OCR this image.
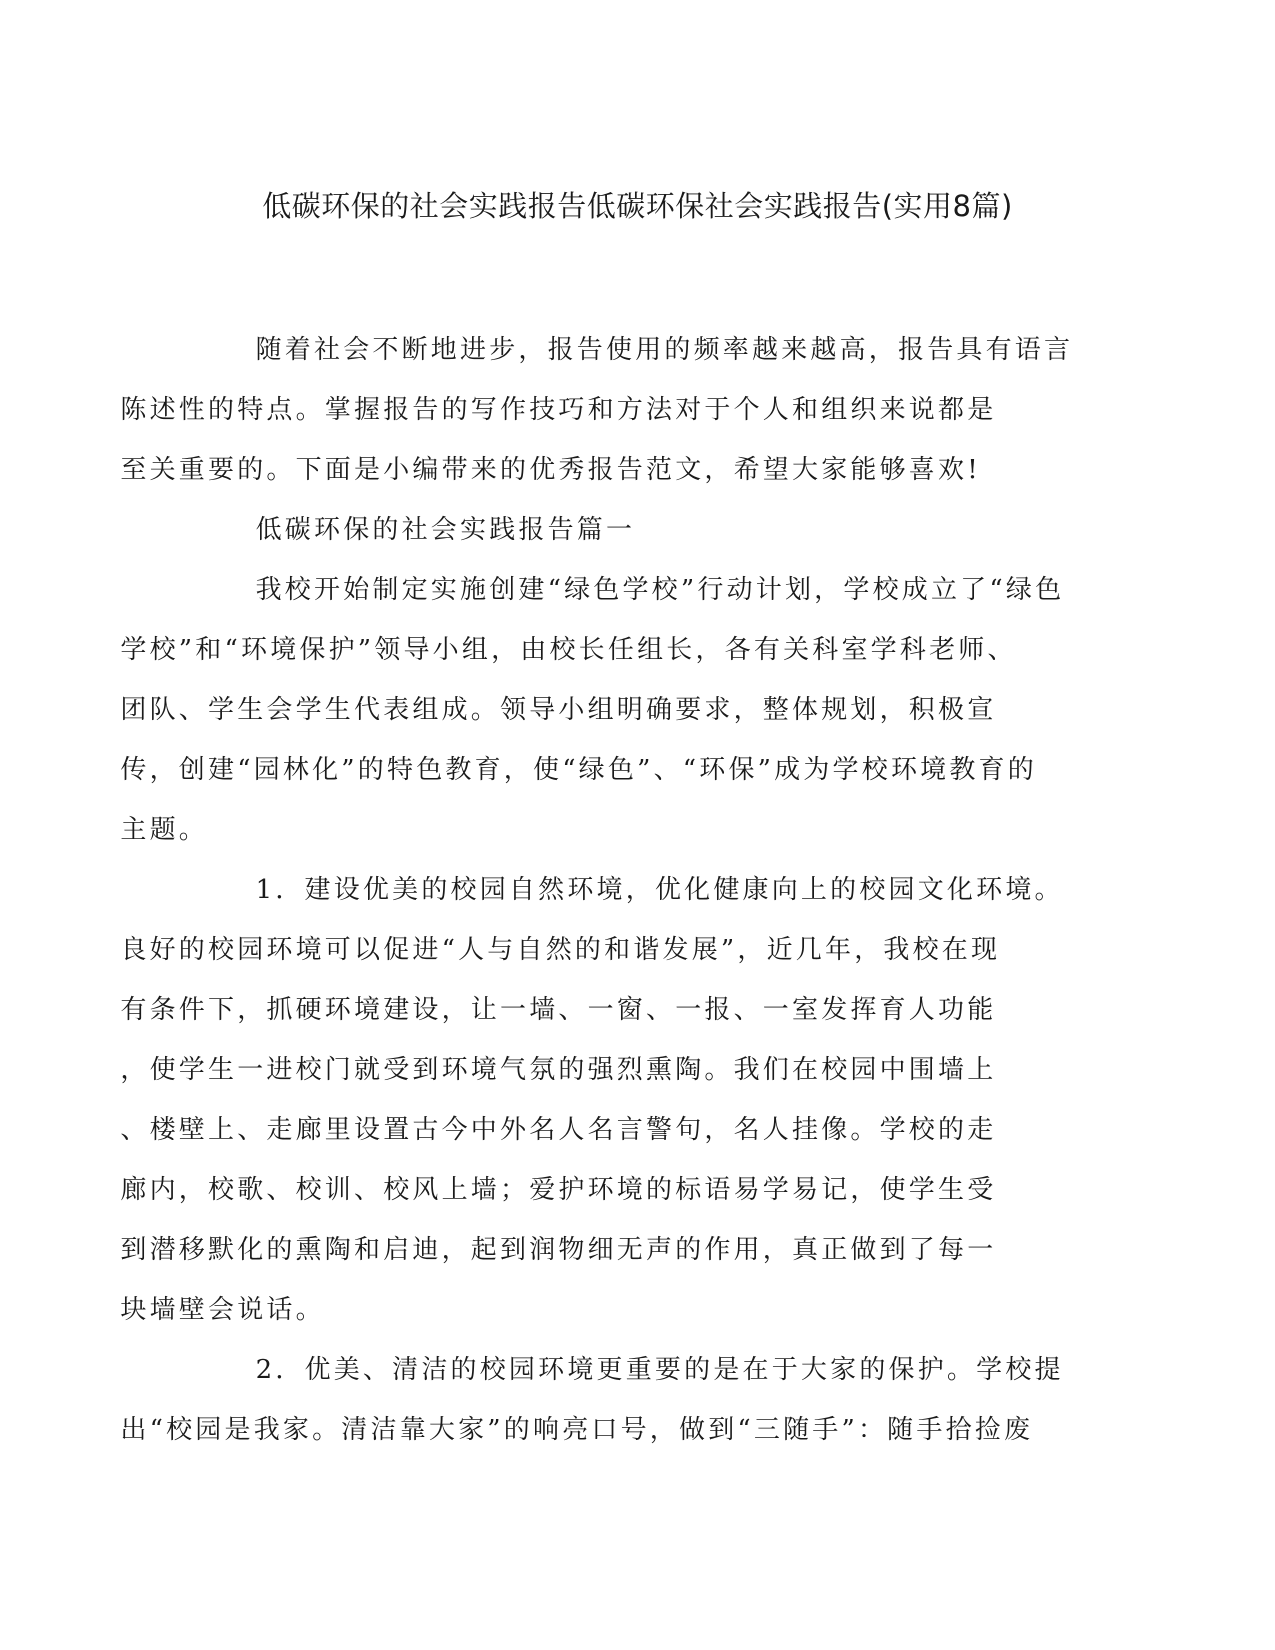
低碳环保的社会实践报告低碳环保社会实践报告(实用8篇)

随着社会不断地进步，报告使用的频率越来越高，报告具有语言
陈述性的特点。掌握报告的写作技巧和方法对于个人和组织来说都是
至关重要的。下面是小编带来的优秀报告范文，希望大家能够喜欢!

低碳环保的社会实践报告篇一

我校开始制定实施创建“绿色学校”行动计划，学校成立了“绿色
学校”和“环境保护”领导小组，由校长任组长，各有关科室学科老师、
团队、学生会学生代表组成。领导小组明确要求，整体规划，积极宣
传，创建“园林化”的特色教育，使“绿色”、“环保”成为学校环境教育的
主题。

1．建设优美的校园自然环境，优化健康向上的校园文化环境。
良好的校园环境可以促进“人与自然的和谐发展”，近几年，我校在现
有条件下，抓硬环境建设，让一墙、一窗、一报、一室发挥育人功能
，使学生一进校门就受到环境气氛的强烈熏陶。我们在校园中围墙上
、楼壁上、走廊里设置古今中外名人名言警句，名人挂像。学校的走
廊内，校歌、校训、校风上墙；爱护环境的标语易学易记，使学生受
到潜移默化的熏陶和启迪，起到润物细无声的作用，真正做到了每一
块墙壁会说话。

2．优美、清洁的校园环境更重要的是在于大家的保护。学校提
出“校园是我家。清洁靠大家”的响亮口号，做到“三随手”：随手拾捡废
